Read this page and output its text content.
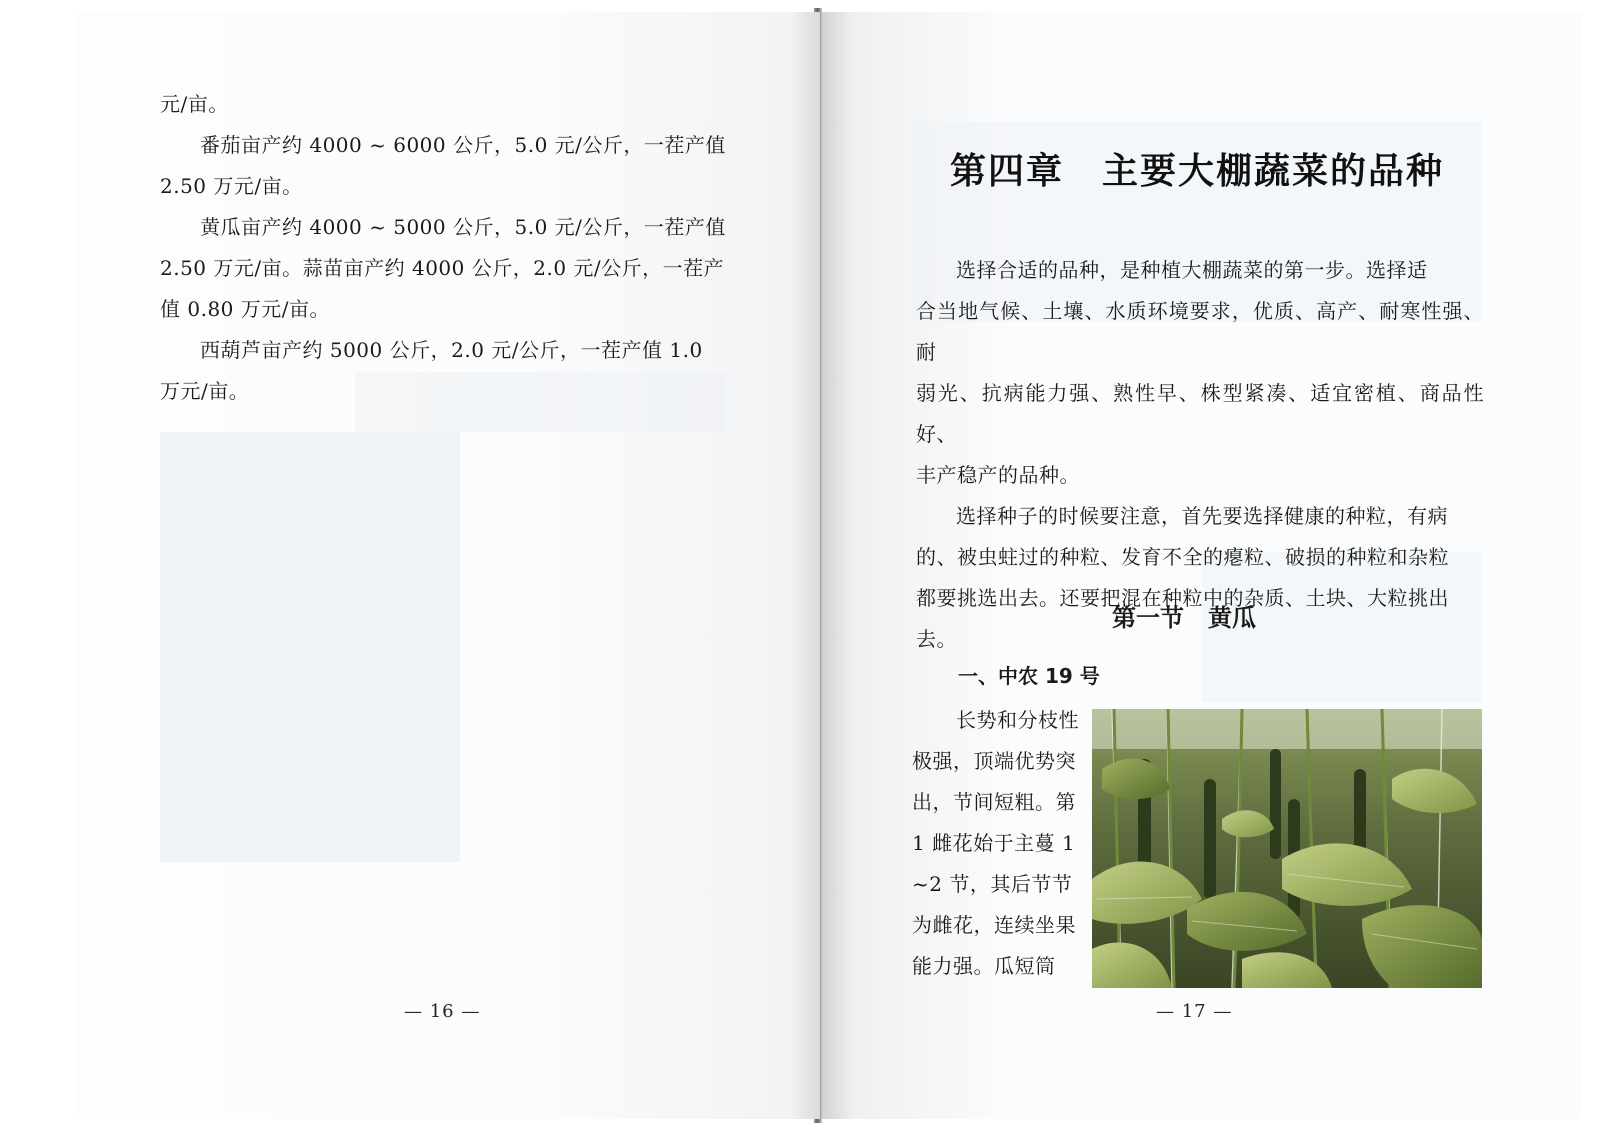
元/亩。

番茄亩产约 4000 ~ 6000 公斤，5.0 元/公斤，一茬产值

2.50 万元/亩。

黄瓜亩产约 4000 ~ 5000 公斤，5.0 元/公斤，一茬产值

2.50 万元/亩。蒜苗亩产约 4000 公斤，2.0 元/公斤，一茬产

值 0.80 万元/亩。

西葫芦亩产约 5000 公斤，2.0 元/公斤，一茬产值 1.0

万元/亩。

— 16 —
第四章　主要大棚蔬菜的品种

选择合适的品种，是种植大棚蔬菜的第一步。选择适

合当地气候、土壤、水质环境要求，优质、高产、耐寒性强、耐

弱光、抗病能力强、熟性早、株型紧凑、适宜密植、商品性好、

丰产稳产的品种。

选择种子的时候要注意，首先要选择健康的种粒，有病

的、被虫蛀过的种粒、发育不全的瘪粒、破损的种粒和杂粒

都要挑选出去。还要把混在种粒中的杂质、土块、大粒挑出

去。

第一节　黄瓜
一、中农 19 号
长势和分枝性
极强，顶端优势突
出，节间短粗。第
1 雌花始于主蔓 1
~2 节，其后节节
为雌花，连续坐果
能力强。瓜短筒
— 17 —
